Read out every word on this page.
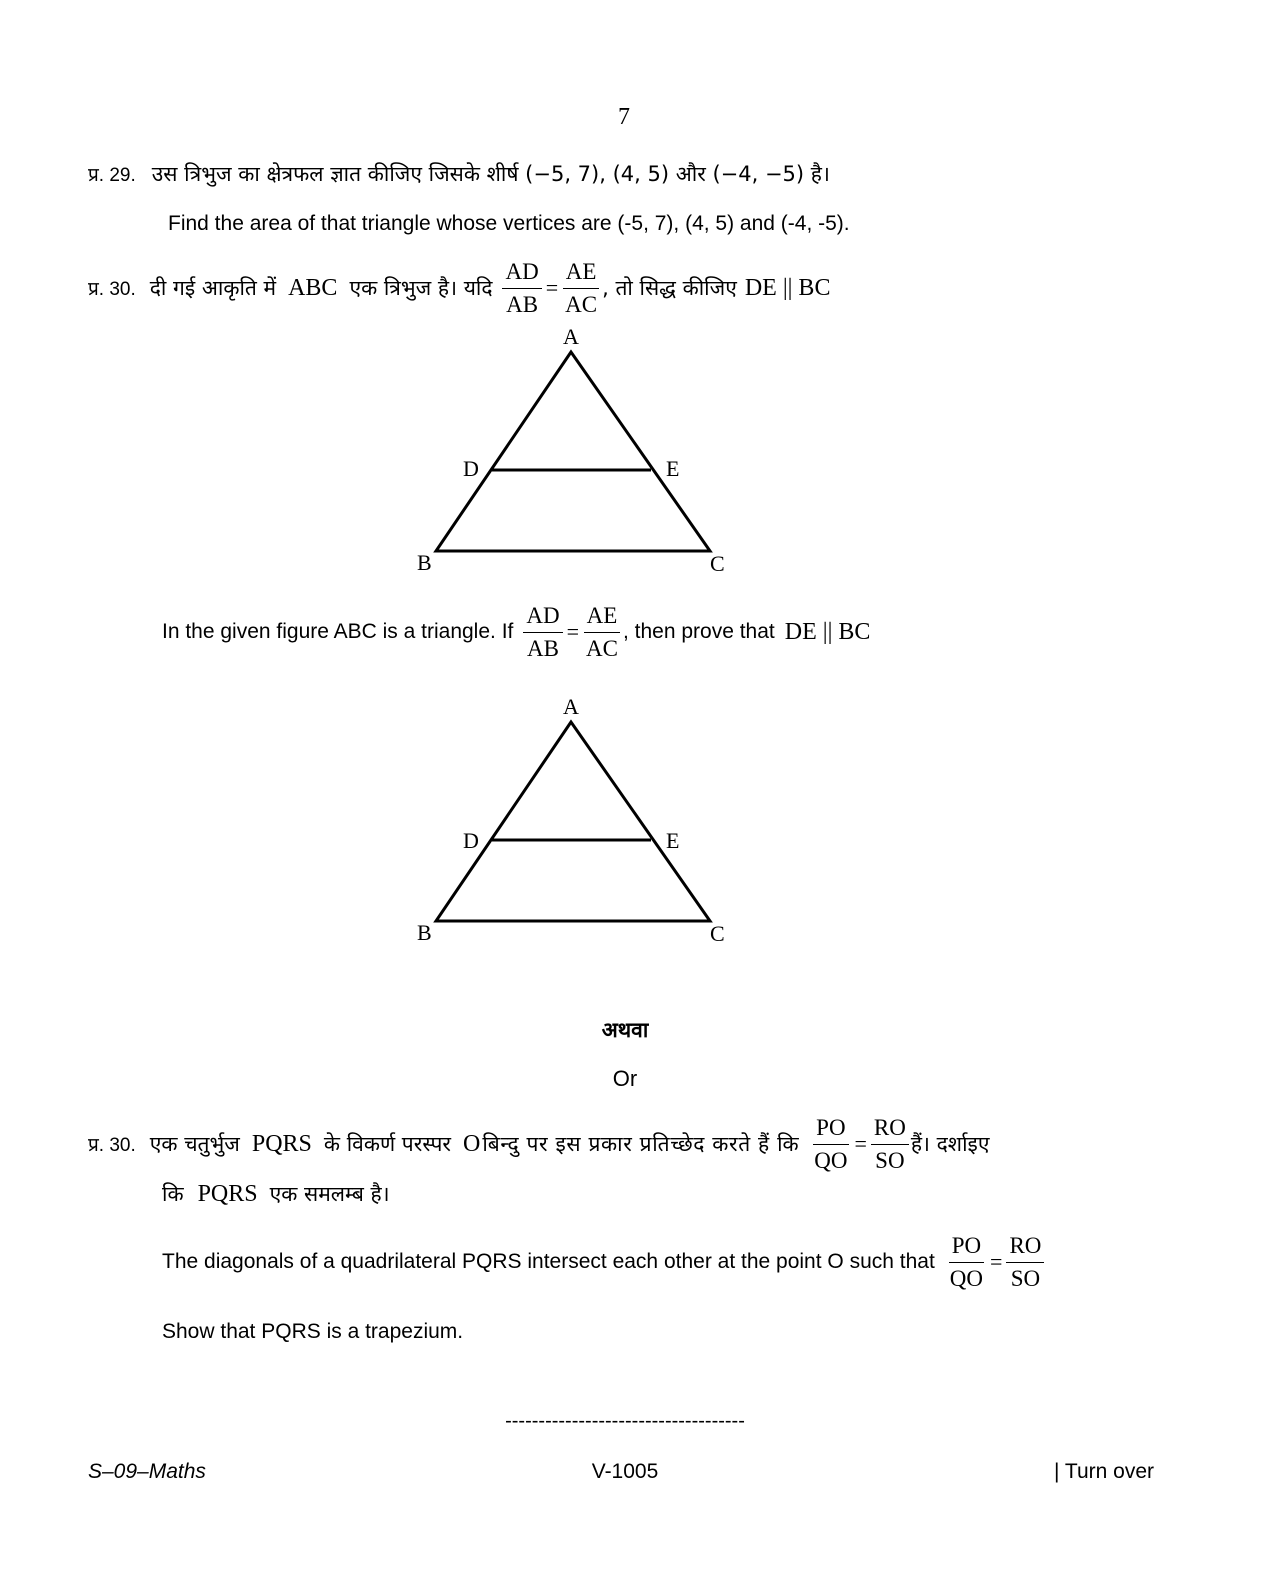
7
प्र. 29. उस त्रिभुज का क्षेत्रफल ज्ञात कीजिए जिसके शीर्ष (−5, 7), (4, 5) और (−4, −5) है।
Find the area of that triangle whose vertices are (-5, 7), (4, 5) and (-4, -5).
प्र. 30. दी गई आकृति में ABC एक त्रिभुज है। यदि $\frac{AD}{AB} = \frac{AE}{AC}$ , तो सिद्ध कीजिए DE || BC
A
D	E
B	C
In the given figure ABC is a triangle. If $\frac{AD}{AB} = \frac{AE}{AC}$ , then prove that DE || BC
A
D	E
B	C
अथवा
Or
प्र. 30. एक चतुर्भुज PQRS के विकर्ण परस्पर O बिन्दु पर इस प्रकार प्रतिच्छेद करते हैं कि $\frac{PO}{QO} = \frac{RO}{SO}$ हैं। दर्शाइए
कि PQRS एक समलम्ब है।
The diagonals of a quadrilateral PQRS intersect each other at the point O such that $\frac{PO}{QO} = \frac{RO}{SO}$
Show that PQRS is a trapezium.
------------------------------------
S–09–Maths	V-1005	| Turn over
